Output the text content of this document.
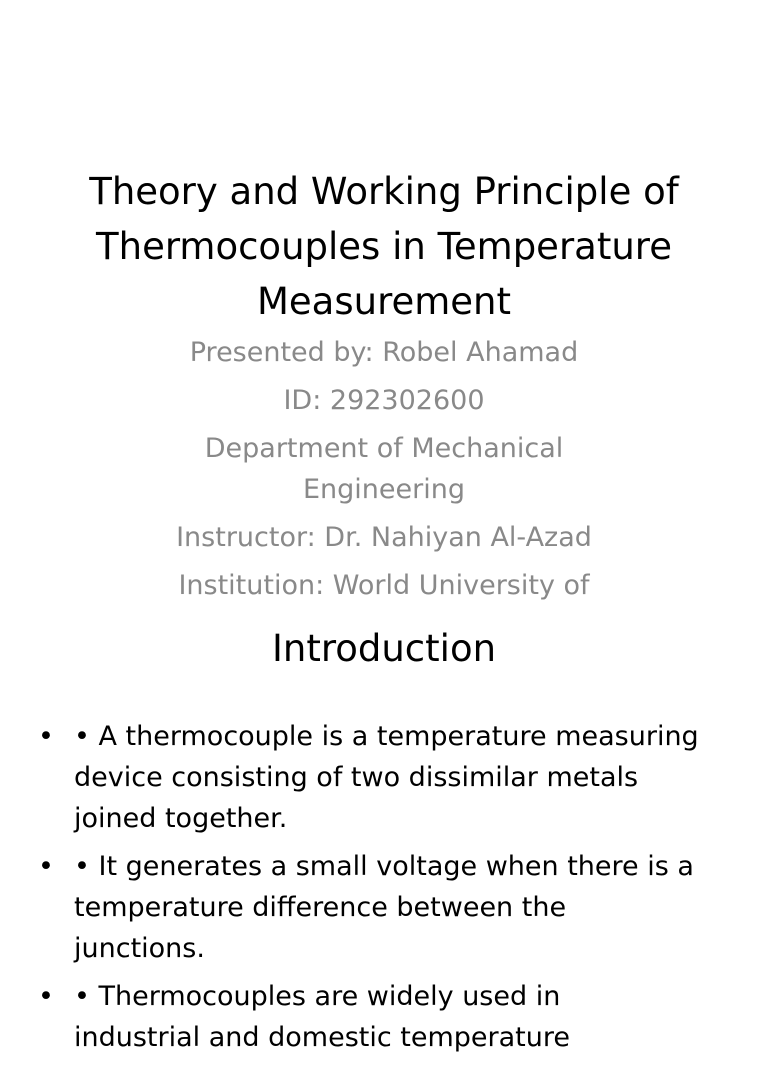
Theory and Working Principle of
Thermocouples in Temperature
Measurement
Presented by: Robel Ahamad
ID: 292302600
Department of Mechanical
Engineering
Instructor: Dr. Nahiyan Al-Azad
Institution: World University of
Introduction
• • A thermocouple is a temperature measuring
device consisting of two dissimilar metals
joined together.
• • It generates a small voltage when there is a
temperature difference between the
junctions.
• • Thermocouples are widely used in
industrial and domestic temperature
